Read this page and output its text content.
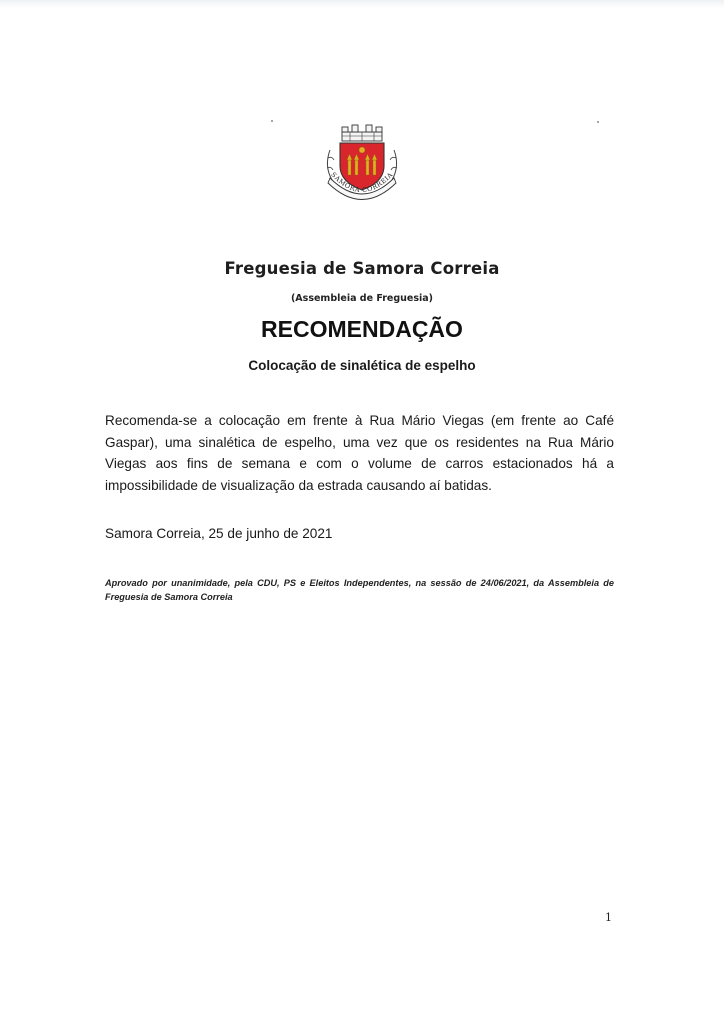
SAMORA CORREIA
Freguesia de Samora Correia
(Assembleia de Freguesia)
RECOMENDAÇÃO
Colocação de sinalética de espelho
Recomenda-se a colocação em frente à Rua Mário Viegas (em frente ao Café Gaspar), uma sinalética de espelho, uma vez que os residentes na Rua Mário Viegas aos fins de semana e com o volume de carros estacionados há a impossibilidade de visualização da estrada causando aí batidas.
Samora Correia, 25 de junho de 2021
Aprovado por unanimidade, pela CDU, PS e Eleitos Independentes, na sessão de 24/06/2021, da Assembleia de Freguesia de Samora Correia
1
